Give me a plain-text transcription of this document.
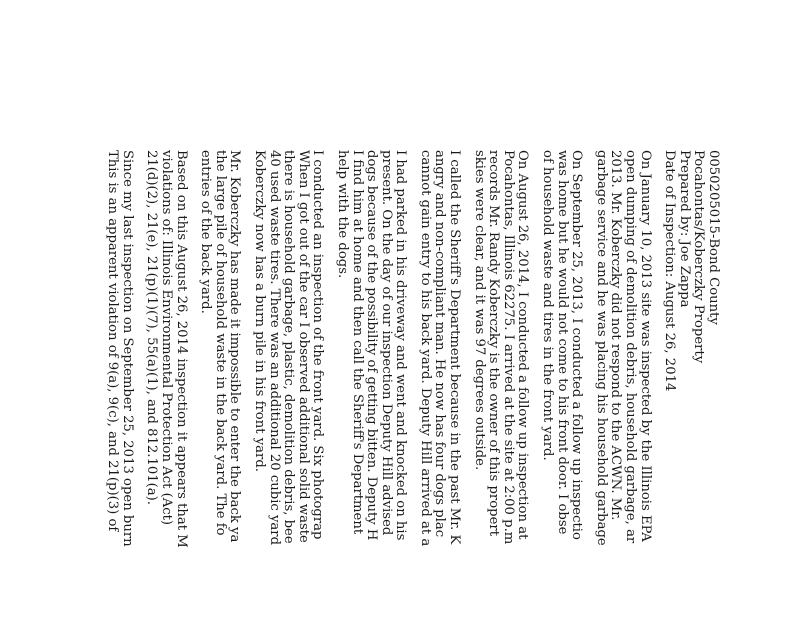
0050205015-Bond County
Pocahontas/Koberczky Property
Prepared by: Joe Zappa
Date of Inspection: August 26, 2014
On January 10, 2013 site was inspected by the Illinois EPA
open dumping of demolition debris, household garbage, ar
2013. Mr. Koberczky did not respond to the ACWN. Mr.
garbage service and he was placing his household garbage
On September 25, 2013, I conducted a follow up inspectio
was home but he would not come to his front door. I obse
of household waste and tires in the front yard.
On August 26, 2014, I conducted a follow up inspection at
Pocahontas, Illinois 62275. I arrived at the site at 2:00 p.m
records Mr. Randy Koberczky is the owner of this propert
skies were clear, and it was 97 degrees outside.
I called the Sheriff's Department because in the past Mr. K
angry and non-compliant man. He now has four dogs plac
cannot gain entry to his back yard. Deputy Hill arrived at a
I had parked in his driveway and went and knocked on his
present. On the day of our inspection Deputy Hill advised
dogs because of the possibility of getting bitten. Deputy H
I find him at home and then call the Sheriff's Department
help with the dogs.
I conducted an inspection of the front yard. Six photograp
When I got out of the car I observed additional solid waste
there is household garbage, plastic, demolition debris, bee
40 used waste tires. There was an additional 20 cubic yard
Koberczky now has a burn pile in his front yard.
Mr. Koberczky has made it impossible to enter the back ya
the large pile of household waste in the back yard. The fo
entries of the back yard.
Based on this August 26, 2014 inspection it appears that M
violations of: Illinois Environmental Protection Act (Act)
21(d)(2), 21(e), 21(p)(1)(7), 55(a)(1), and 812.101(a).
Since my last inspection on September 25, 2013 open burn
This is an apparent violation of 9(a), 9(c), and 21(p)(3) of
